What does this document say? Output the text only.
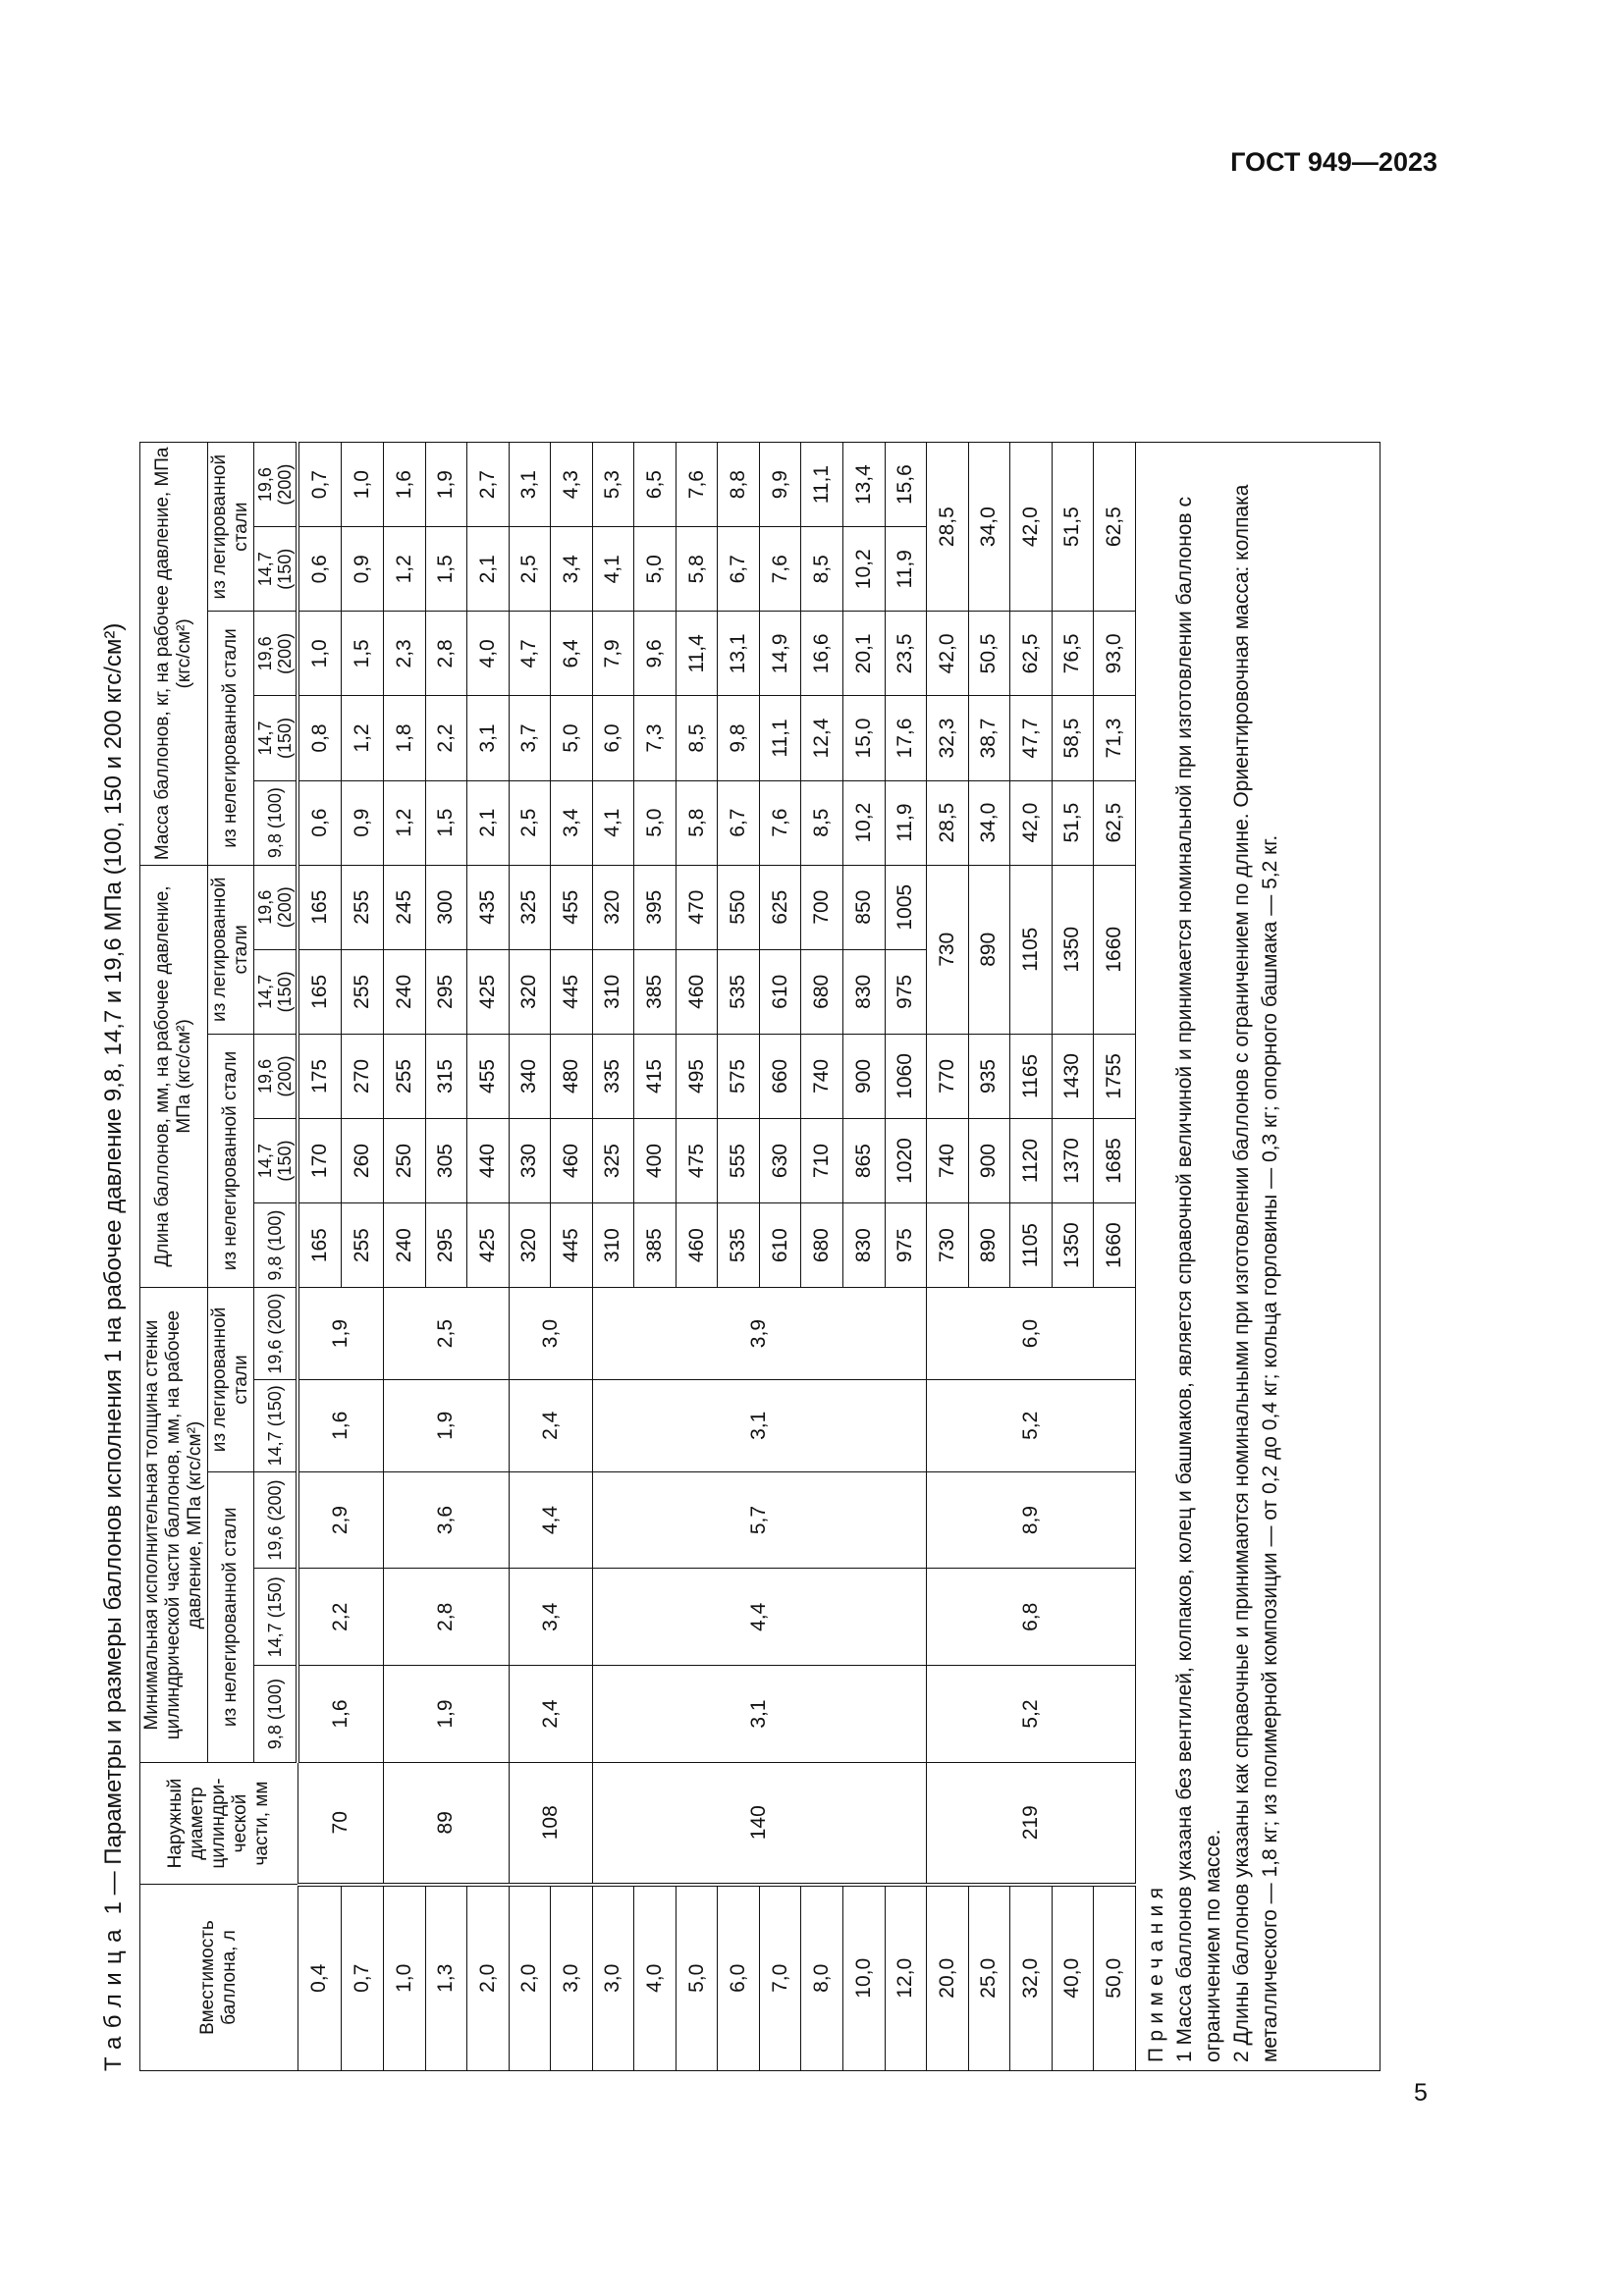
ГОСТ 949—2023
5
Таблица 1 — Параметры и размеры баллонов исполнения 1 на рабочее давление 9,8, 14,7 и 19,6 МПа (100, 150 и 200 кгс/см²)
Вместимость баллона, л	Наружный диаметр цилиндри-ческой части, мм	Минимальная исполнительная толщина стенки цилиндрической части баллонов, мм, на рабочее давление, МПа (кгс/см²)					Длина баллонов, мм, на рабочее давление, МПа (кгс/см²)					Масса баллонов, кг, на рабочее давление, МПа (кгс/см²)				
		из нелегированной стали			из легированной стали		из нелегированной стали			из легированной стали		из нелегированной стали			из легированной стали	
		9,8 (100)	14,7 (150)	19,6 (200)	14,7 (150)	19,6 (200)	9,8 (100)	14,7 (150)	19,6 (200)	14,7 (150)	19,6 (200)	9,8 (100)	14,7 (150)	19,6 (200)	14,7 (150)	19,6 (200)
0,4	70	1,6	2,2	2,9	1,6	1,9	165	170	175	165	165	0,6	0,8	1,0	0,6	0,7
0,7							255	260	270	255	255	0,9	1,2	1,5	0,9	1,0
1,0	89	1,9	2,8	3,6	1,9	2,5	240	250	255	240	245	1,2	1,8	2,3	1,2	1,6
1,3							295	305	315	295	300	1,5	2,2	2,8	1,5	1,9
2,0							425	440	455	425	435	2,1	3,1	4,0	2,1	2,7
2,0	108	2,4	3,4	4,4	2,4	3,0	320	330	340	320	325	2,5	3,7	4,7	2,5	3,1
3,0							445	460	480	445	455	3,4	5,0	6,4	3,4	4,3
3,0	140	3,1	4,4	5,7	3,1	3,9	310	325	335	310	320	4,1	6,0	7,9	4,1	5,3
4,0							385	400	415	385	395	5,0	7,3	9,6	5,0	6,5
5,0							460	475	495	460	470	5,8	8,5	11,4	5,8	7,6
6,0							535	555	575	535	550	6,7	9,8	13,1	6,7	8,8
7,0							610	630	660	610	625	7,6	11,1	14,9	7,6	9,9
8,0							680	710	740	680	700	8,5	12,4	16,6	8,5	11,1
10,0							830	865	900	830	850	10,2	15,0	20,1	10,2	13,4
12,0							975	1020	1060	975	1005	11,9	17,6	23,5	11,9	15,6
20,0	219	5,2	6,8	8,9	5,2	6,0	730	740	770	730		28,5	32,3	42,0	28,5	
25,0							890	900	935	890		34,0	38,7	50,5	34,0	
32,0							1105	1120	1165	1105		42,0	47,7	62,5	42,0	
40,0							1350	1370	1430	1350		51,5	58,5	76,5	51,5	
50,0							1660	1685	1755	1660		62,5	71,3	93,0	62,5	

Примечания 1 Масса баллонов указана без вентилей, колпаков, колец и башмаков, является справочной величиной и принимается номинальной при изготовлении баллонов с ограничением по массе. 2 Длины баллонов указаны как справочные и принимаются номинальными при изготовлении баллонов с ограничением по длине. Ориентировочная масса: колпака металлического — 1,8 кг; из полимерной композиции — от 0,2 до 0,4 кг; кольца горловины — 0,3 кг; опорного башмака — 5,2 кг.																
